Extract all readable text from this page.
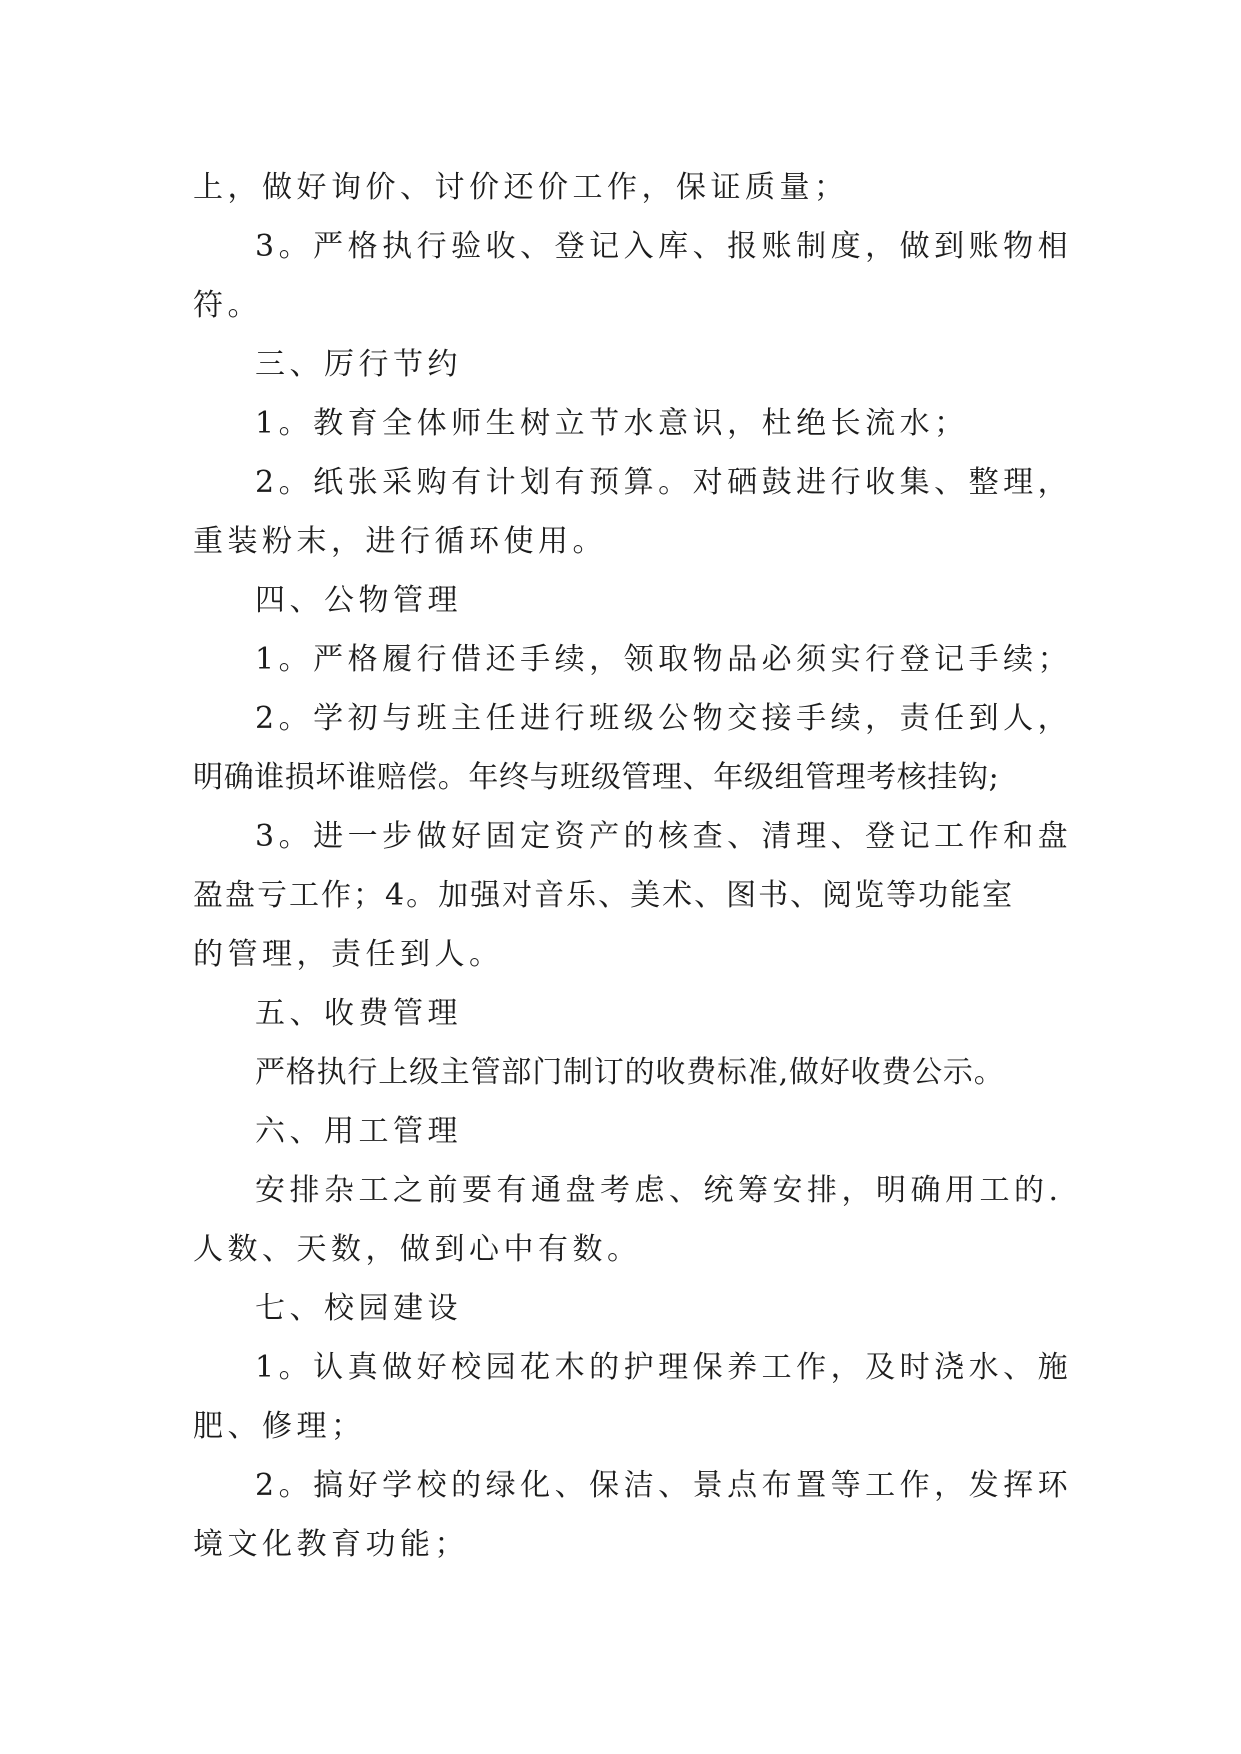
上，做好询价、讨价还价工作，保证质量；
3。严格执行验收、登记入库、报账制度，做到账物相
符。
三、厉行节约
1。教育全体师生树立节水意识，杜绝长流水；
2。纸张采购有计划有预算。对硒鼓进行收集、整理，
重装粉末，进行循环使用。
四、公物管理
1。严格履行借还手续，领取物品必须实行登记手续；
2。学初与班主任进行班级公物交接手续，责任到人，
明确谁损坏谁赔偿。年终与班级管理、年级组管理考核挂钩;
3。进一步做好固定资产的核查、清理、登记工作和盘
盈盘亏工作；4。加强对音乐、美术、图书、阅览等功能室
的管理，责任到人。
五、收费管理
严格执行上级主管部门制订的收费标准,做好收费公示。
六、用工管理
安排杂工之前要有通盘考虑、统筹安排，明确用工的.
人数、天数，做到心中有数。
七、校园建设
1。认真做好校园花木的护理保养工作，及时浇水、施
肥、修理；
2。搞好学校的绿化、保洁、景点布置等工作，发挥环
境文化教育功能；
